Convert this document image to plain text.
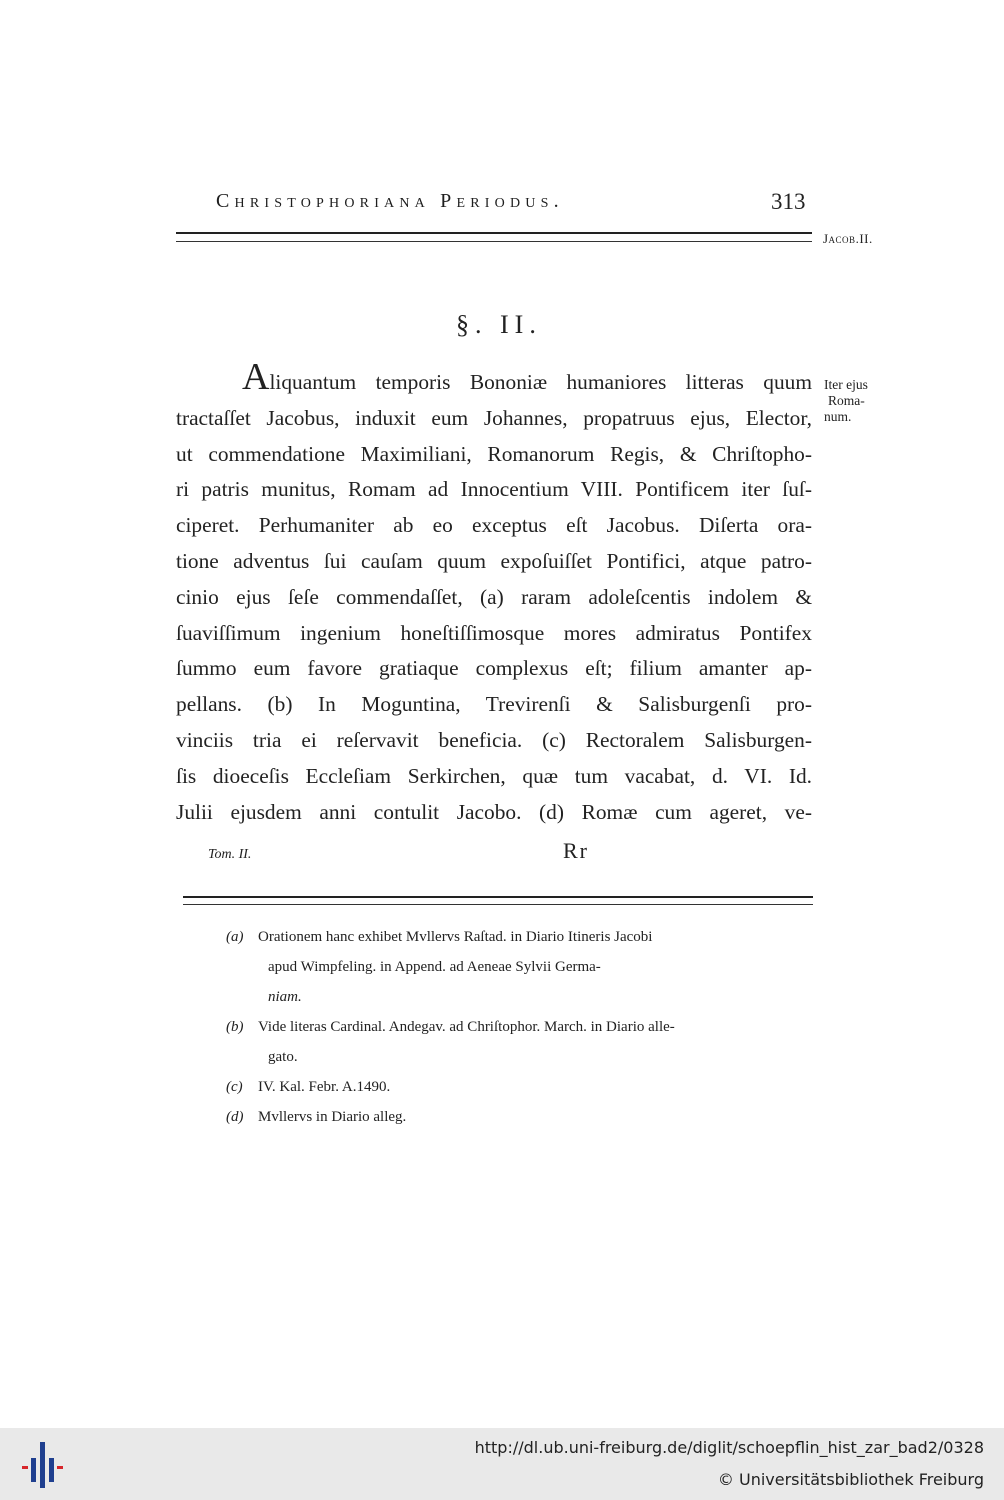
Christophoriana Periodus.	313
Jacob.II.
§. II.
Aliquantum temporis Bononiæ humaniores litteras quum
tractaſſet Jacobus, induxit eum Johannes, propatruus ejus, Elector,
ut commendatione Maximiliani, Romanorum Regis, & Chriſtopho-
ri patris munitus, Romam ad Innocentium VIII. Pontificem iter ſuſ-
ciperet. Perhumaniter ab eo exceptus eſt Jacobus. Diſerta ora-
tione adventus ſui cauſam quum expoſuiſſet Pontifici, atque patro-
cinio ejus ſeſe commendaſſet, (a) raram adoleſcentis indolem &
ſuaviſſimum ingenium honeſtiſſimosque mores admiratus Pontifex
ſummo eum favore gratiaque complexus eſt; filium amanter ap-
pellans. (b) In Moguntina, Trevirenſi & Salisburgenſi pro-
vinciis tria ei reſervavit beneficia. (c) Rectoralem Salisburgen-
ſis dioeceſis Eccleſiam Serkirchen, quæ tum vacabat, d. VI. Id.
Julii ejusdem anni contulit Jacobo. (d) Romæ cum ageret, ve-
Iter ejus
Roma-
num.
Tom. II.	Rr
(a) Orationem hanc exhibet Mvllervs Raſtad. in Diario Itineris Jacobi
apud Wimpfeling. in Append. ad Aeneae Sylvii Germa-
niam.
(b) Vide literas Cardinal. Andegav. ad Chriſtophor. March. in Diario alle-
gato.
(c) IV. Kal. Febr. A.1490.
(d) Mvllervs in Diario alleg.
http://dl.ub.uni-freiburg.de/diglit/schoepflin_hist_zar_bad2/0328
© Universitätsbibliothek Freiburg
